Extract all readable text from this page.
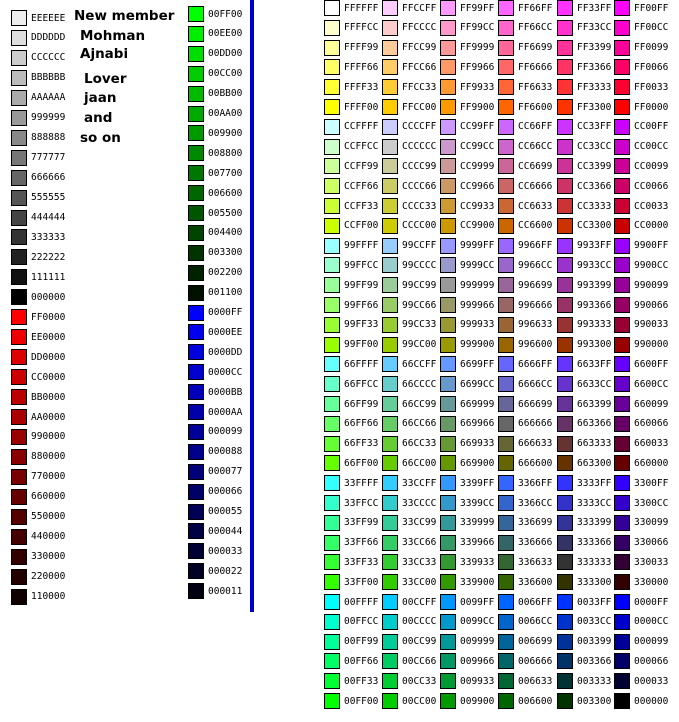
EEEEEE
DDDDDD
CCCCCC
BBBBBB
AAAAAA
999999
888888
777777
666666
555555
444444
333333
222222
111111
000000
FF0000
EE0000
DD0000
CC0000
BB0000
AA0000
990000
880000
770000
660000
550000
440000
330000
220000
110000
00FF00
00EE00
00DD00
00CC00
00BB00
00AA00
009900
008800
007700
006600
005500
004400
003300
002200
001100
0000FF
0000EE
0000DD
0000CC
0000BB
0000AA
000099
000088
000077
000066
000055
000044
000033
000022
000011
New member
Mohman
Ajnabi
Lover
jaan
and
so on
FFFFFF
FFFFCC
FFFF99
FFFF66
FFFF33
FFFF00
CCFFFF
CCFFCC
CCFF99
CCFF66
CCFF33
CCFF00
99FFFF
99FFCC
99FF99
99FF66
99FF33
99FF00
66FFFF
66FFCC
66FF99
66FF66
66FF33
66FF00
33FFFF
33FFCC
33FF99
33FF66
33FF33
33FF00
00FFFF
00FFCC
00FF99
00FF66
00FF33
00FF00
FFCCFF
FFCCCC
FFCC99
FFCC66
FFCC33
FFCC00
CCCCFF
CCCCCC
CCCC99
CCCC66
CCCC33
CCCC00
99CCFF
99CCCC
99CC99
99CC66
99CC33
99CC00
66CCFF
66CCCC
66CC99
66CC66
66CC33
66CC00
33CCFF
33CCCC
33CC99
33CC66
33CC33
33CC00
00CCFF
00CCCC
00CC99
00CC66
00CC33
00CC00
FF99FF
FF99CC
FF9999
FF9966
FF9933
FF9900
CC99FF
CC99CC
CC9999
CC9966
CC9933
CC9900
9999FF
9999CC
999999
999966
999933
999900
6699FF
6699CC
669999
669966
669933
669900
3399FF
3399CC
339999
339966
339933
339900
0099FF
0099CC
009999
009966
009933
009900
FF66FF
FF66CC
FF6699
FF6666
FF6633
FF6600
CC66FF
CC66CC
CC6699
CC6666
CC6633
CC6600
9966FF
9966CC
996699
996666
996633
996600
6666FF
6666CC
666699
666666
666633
666600
3366FF
3366CC
336699
336666
336633
336600
0066FF
0066CC
006699
006666
006633
006600
FF33FF
FF33CC
FF3399
FF3366
FF3333
FF3300
CC33FF
CC33CC
CC3399
CC3366
CC3333
CC3300
9933FF
9933CC
993399
993366
993333
993300
6633FF
6633CC
663399
663366
663333
663300
3333FF
3333CC
333399
333366
333333
333300
0033FF
0033CC
003399
003366
003333
003300
FF00FF
FF00CC
FF0099
FF0066
FF0033
FF0000
CC00FF
CC00CC
CC0099
CC0066
CC0033
CC0000
9900FF
9900CC
990099
990066
990033
990000
6600FF
6600CC
660099
660066
660033
660000
3300FF
3300CC
330099
330066
330033
330000
0000FF
0000CC
000099
000066
000033
000000
